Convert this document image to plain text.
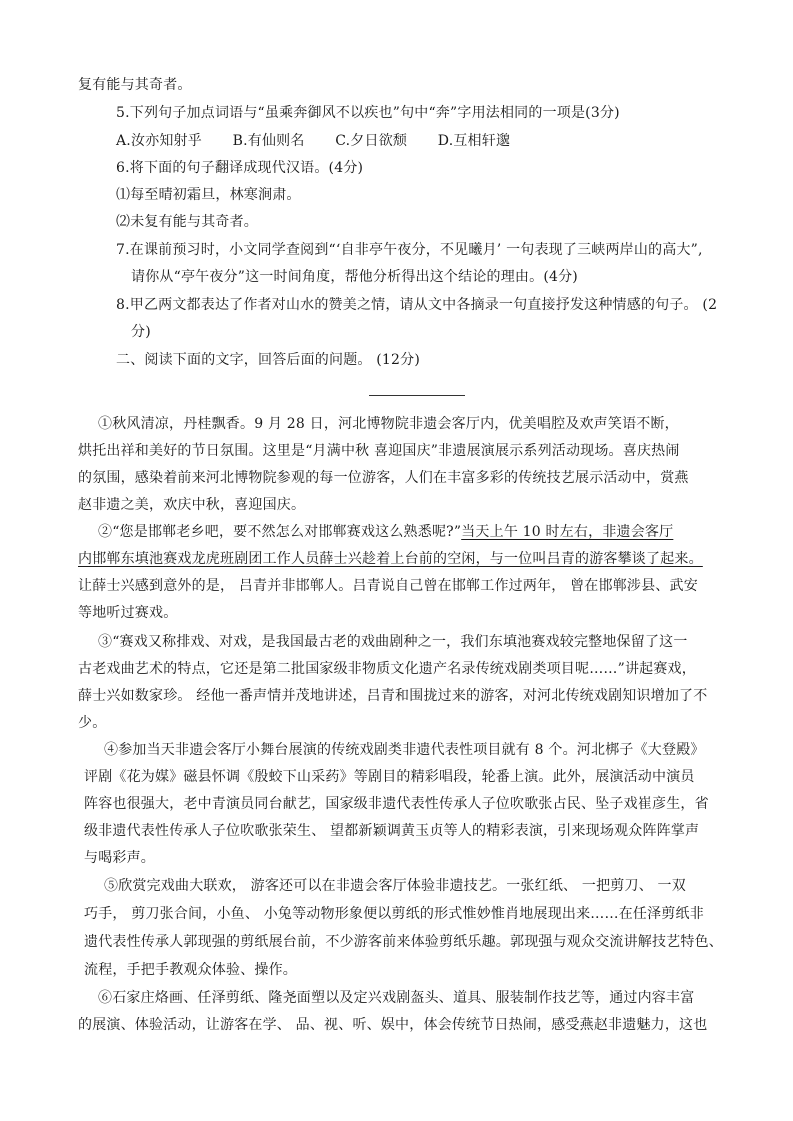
复有能与其奇者。
5.下列句子加点词语与“虽乘奔御风不以疾也”句中“奔”字用法相同的一项是(3分)
A.汝亦知射乎 B.有仙则名 C.夕日欲颓 D.互相轩邈
6.将下面的句子翻译成现代汉语。(4分)
⑴每至晴初霜旦，林寒涧肃。
⑵未复有能与其奇者。
7.在课前预习时，小文同学查阅到“‘自非亭午夜分，不见曦月’ 一句表现了三峡两岸山的高大”,
请你从“亭午夜分”这一时间角度，帮他分析得出这个结论的理由。(4分)
8.甲乙两文都表达了作者对山水的赞美之情，请从文中各摘录一句直接抒发这种情感的句子。 (2
分)
二、阅读下面的文字，回答后面的问题。 (12分)
①秋风清凉，丹桂飘香。9 月 28 日，河北博物院非遗会客厅内，优美唱腔及欢声笑语不断，
烘托出祥和美好的节日氛围。这里是“月满中秋 喜迎国庆”非遗展演展示系列活动现场。喜庆热闹
的氛围，感染着前来河北博物院参观的每一位游客，人们在丰富多彩的传统技艺展示活动中，赏燕
赵非遗之美，欢庆中秋，喜迎国庆。
②“您是邯郸老乡吧，要不然怎么对邯郸赛戏这么熟悉呢?”当天上午 10 时左右，非遗会客厅
内邯郸东填池赛戏龙虎班剧团工作人员薛士兴趁着上台前的空闲，与一位叫吕青的游客攀谈了起来。
让薛士兴感到意外的是， 吕青并非邯郸人。吕青说自己曾在邯郸工作过两年， 曾在邯郸涉县、武安
等地听过赛戏。
③“赛戏又称排戏、对戏，是我国最古老的戏曲剧种之一，我们东填池赛戏较完整地保留了这一
古老戏曲艺术的特点，它还是第二批国家级非物质文化遗产名录传统戏剧类项目呢……”讲起赛戏，
薛士兴如数家珍。 经他一番声情并茂地讲述，吕青和围拢过来的游客，对河北传统戏剧知识增加了不
少。
④参加当天非遗会客厅小舞台展演的传统戏剧类非遗代表性项目就有 8 个。河北梆子《大登殿》
评剧《花为媒》磁县怀调《殷蛟下山采药》等剧目的精彩唱段，轮番上演。此外，展演活动中演员
阵容也很强大，老中青演员同台献艺，国家级非遗代表性传承人子位吹歌张占民、坠子戏崔彦生，省
级非遗代表性传承人子位吹歌张荣生、 望都新颖调黄玉贞等人的精彩表演，引来现场观众阵阵掌声
与喝彩声。
⑤欣赏完戏曲大联欢， 游客还可以在非遗会客厅体验非遗技艺。一张红纸、 一把剪刀、 一双
巧手， 剪刀张合间，小鱼、 小兔等动物形象便以剪纸的形式惟妙惟肖地展现出来……在任泽剪纸非
遗代表性传承人郭现强的剪纸展台前，不少游客前来体验剪纸乐趣。郭现强与观众交流讲解技艺特色、
流程，手把手教观众体验、操作。
⑥石家庄烙画、任泽剪纸、隆尧面塑以及定兴戏剧盔头、道具、服装制作技艺等，通过内容丰富
的展演、体验活动，让游客在学、 品、视、听、娱中，体会传统节日热闹，感受燕赵非遗魅力，这也
